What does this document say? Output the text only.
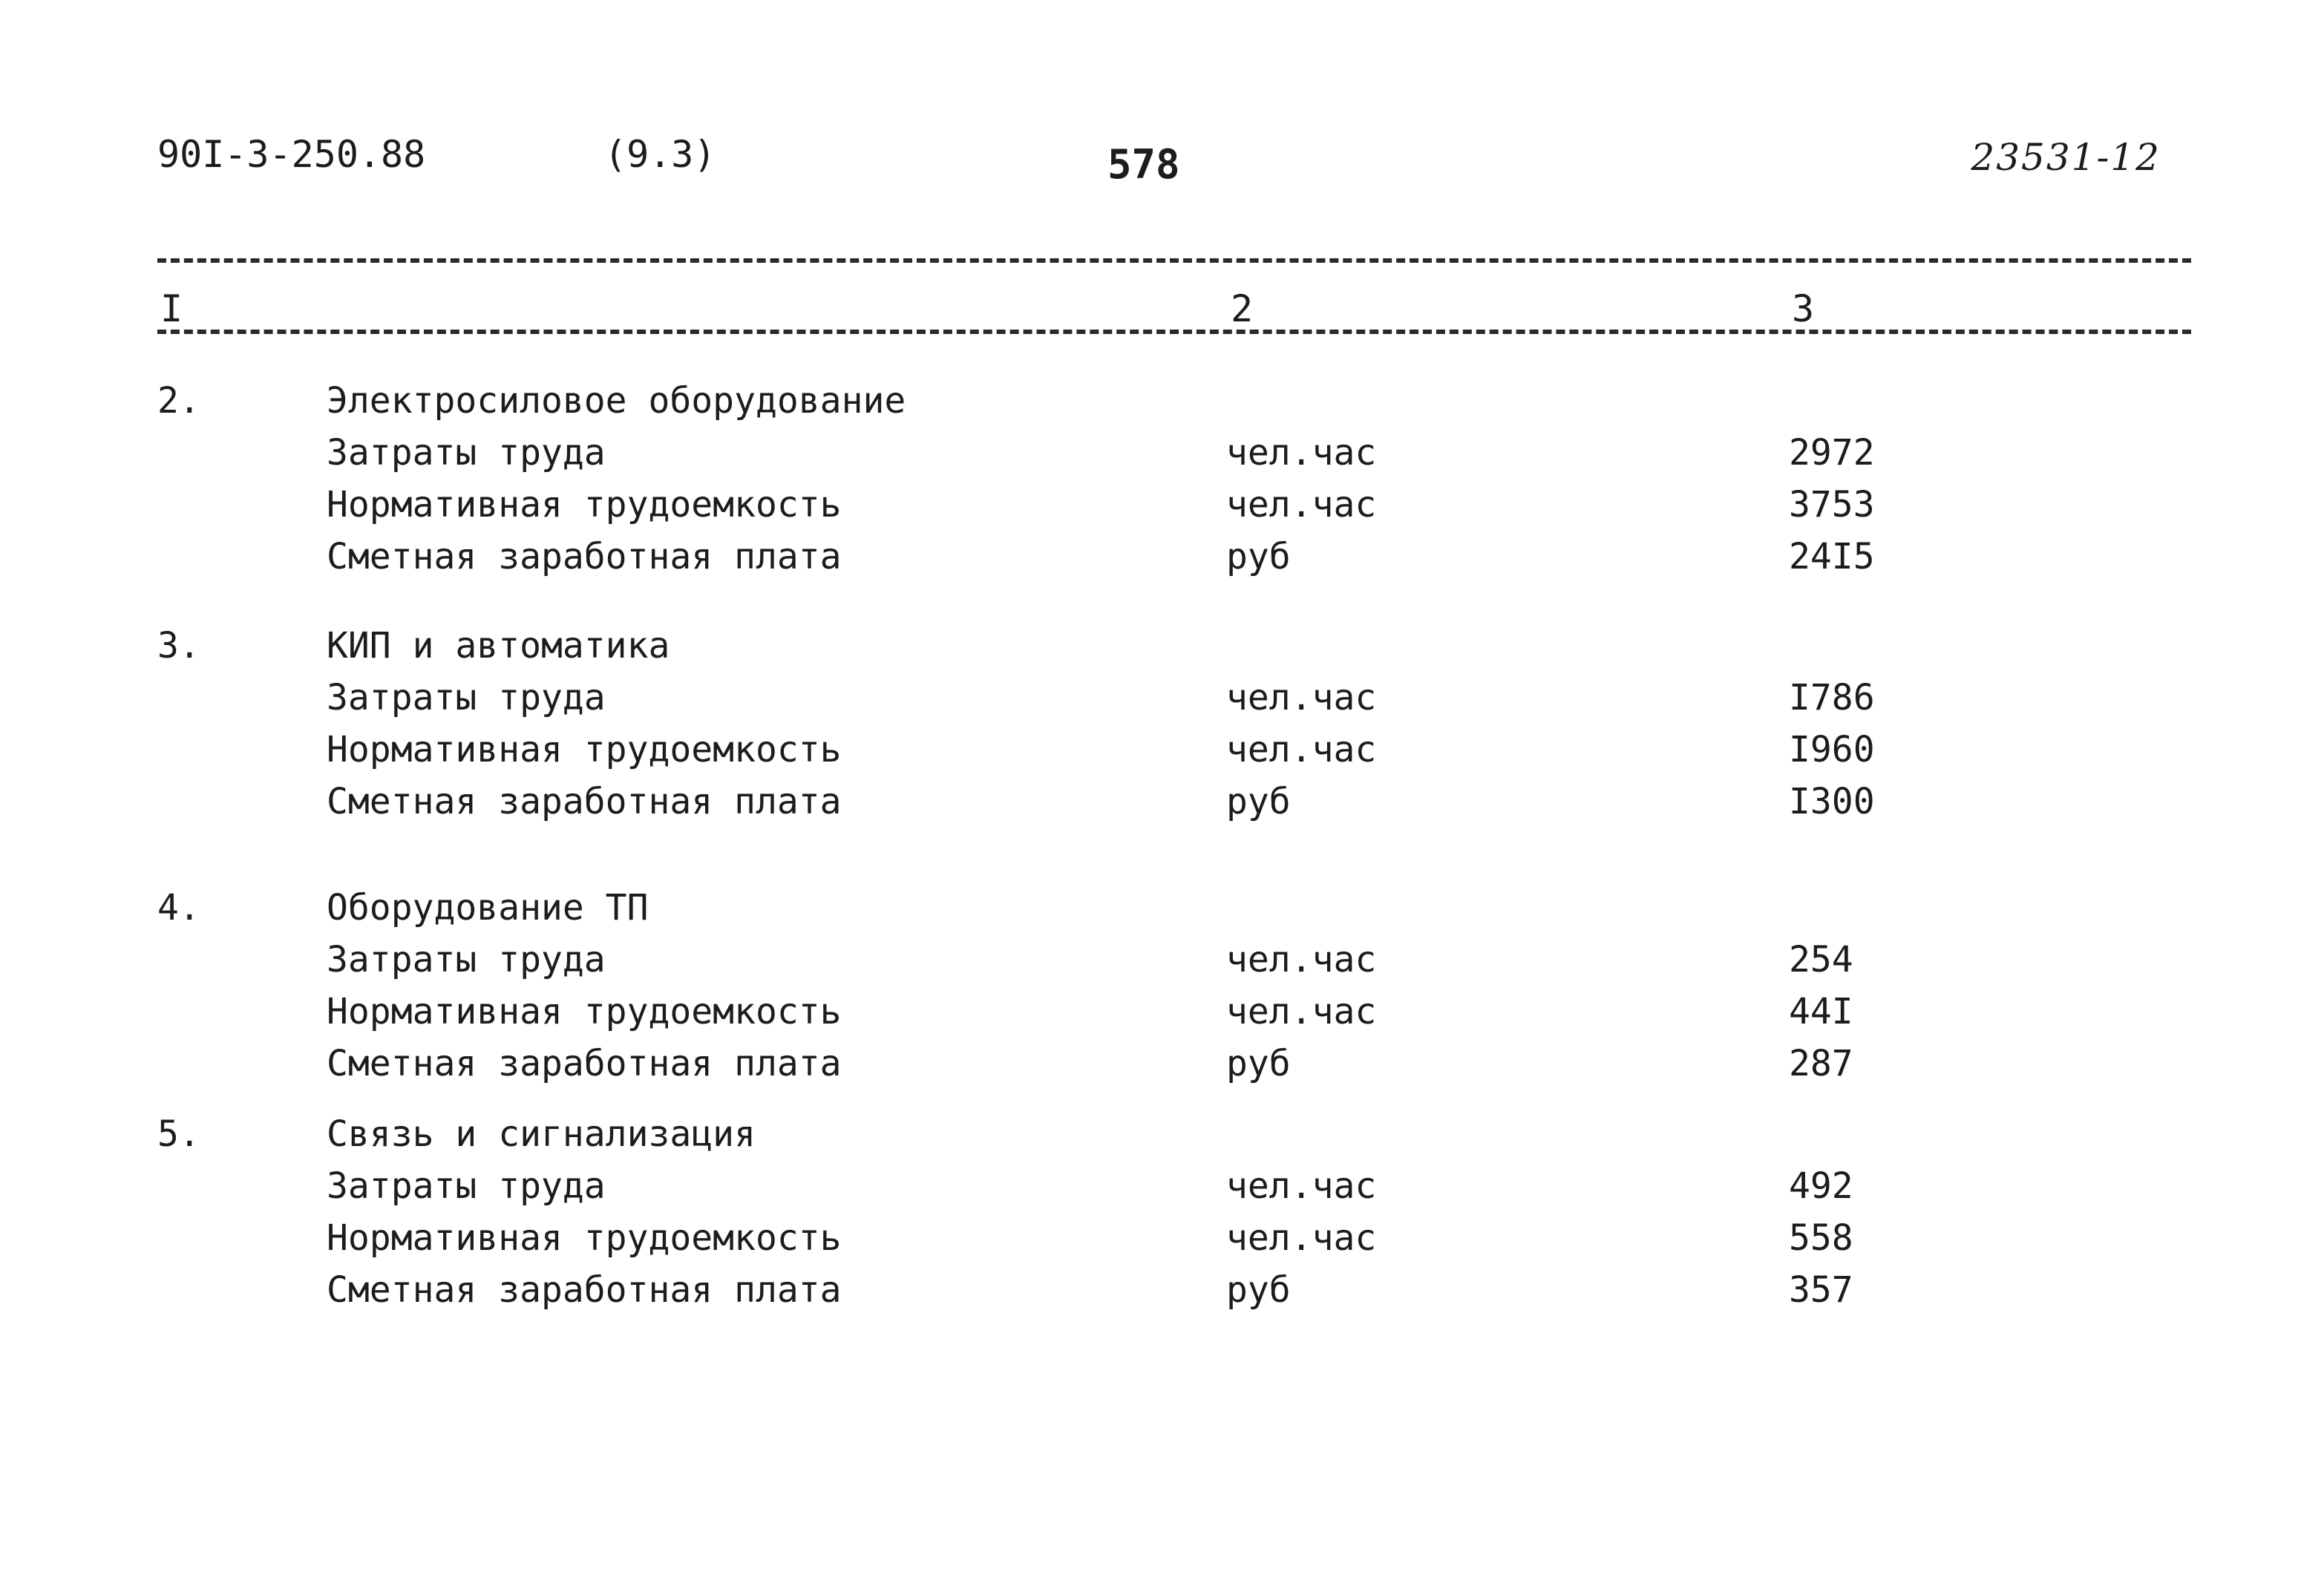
90I-3-250.88	(9.3)	578	23531-12
I	2	3
2.	Электросиловое оборудование
Затраты труда	чел.час	2972
Нормативная трудоемкость	чел.час	3753
Сметная заработная плата	руб	24I5
3.	КИП и автоматика
Затраты труда	чел.час	I786
Нормативная трудоемкость	чел.час	I960
Сметная заработная плата	руб	I300
4.	Оборудование ТП
Затраты труда	чел.час	254
Нормативная трудоемкость	чел.час	44I
Сметная заработная плата	руб	287
5.	Связь и сигнализация
Затраты труда	чел.час	492
Нормативная трудоемкость	чел.час	558
Сметная заработная плата	руб	357
